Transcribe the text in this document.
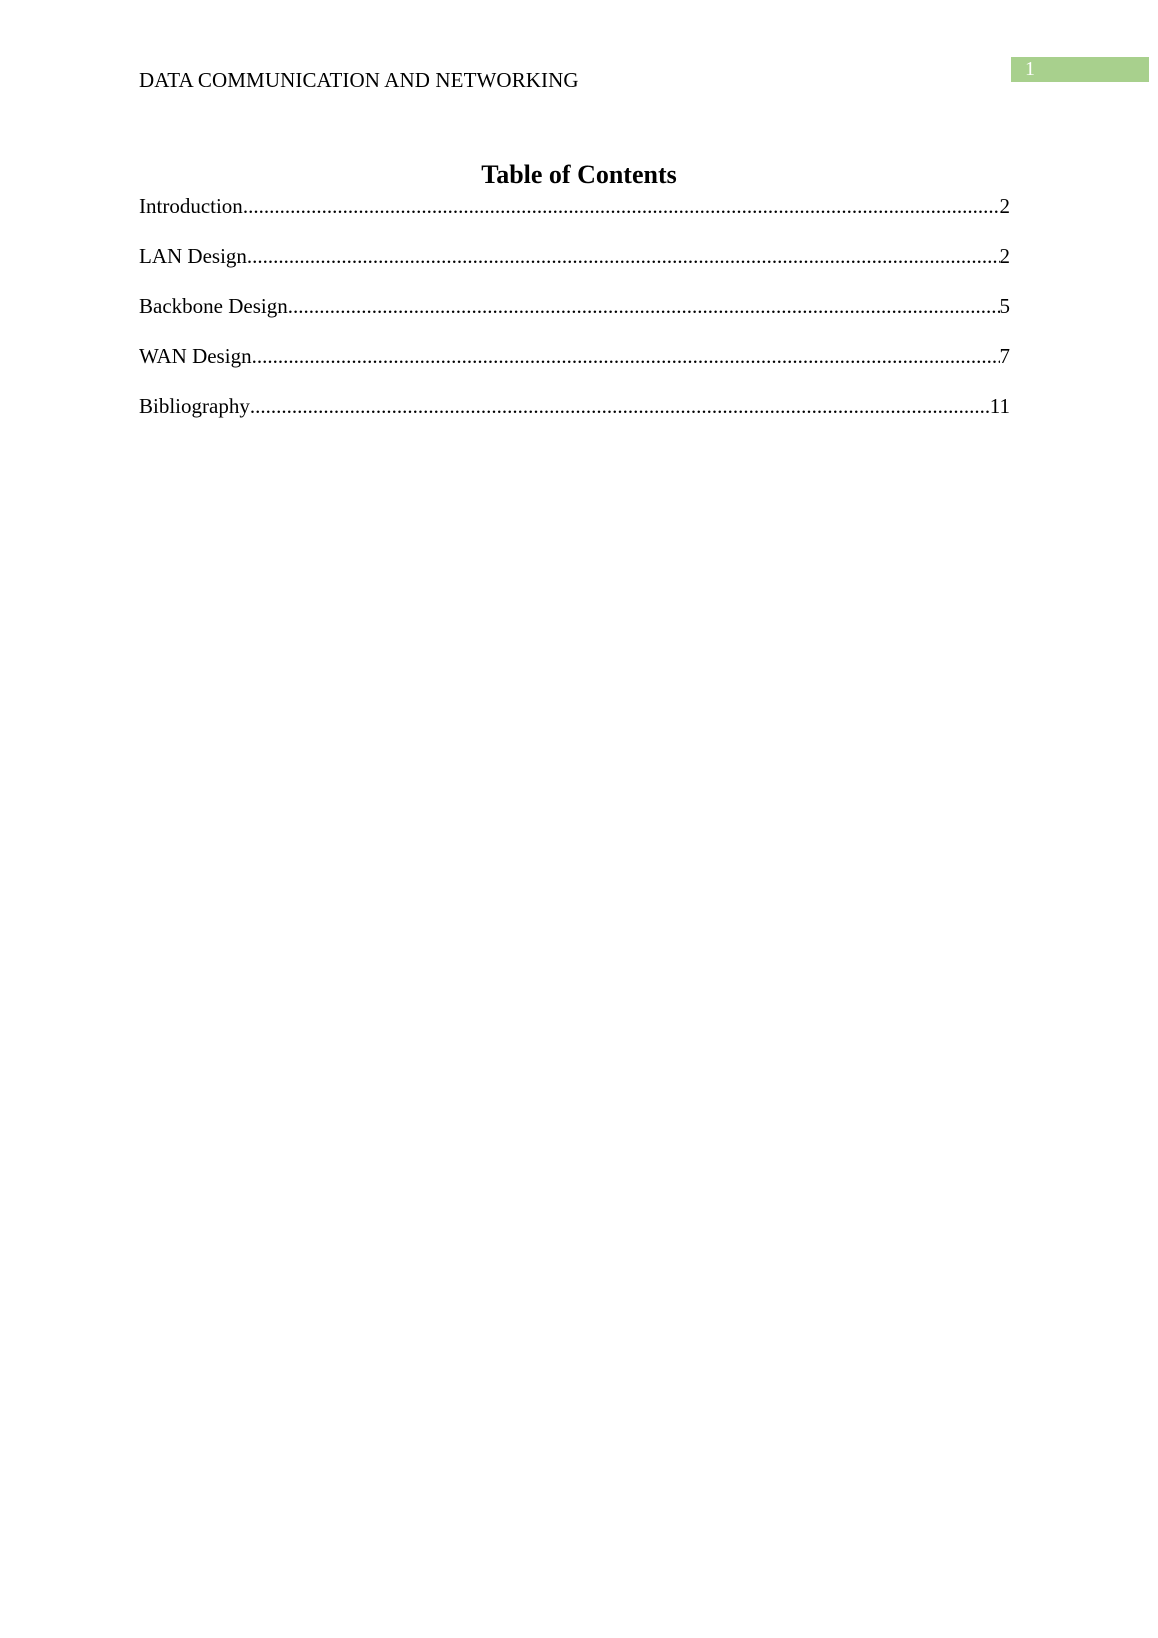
DATA COMMUNICATION AND NETWORKING	1
Table of Contents
Introduction .....	2
LAN Design .....	2
Backbone Design .....	5
WAN Design .....	7
Bibliography .....	11
